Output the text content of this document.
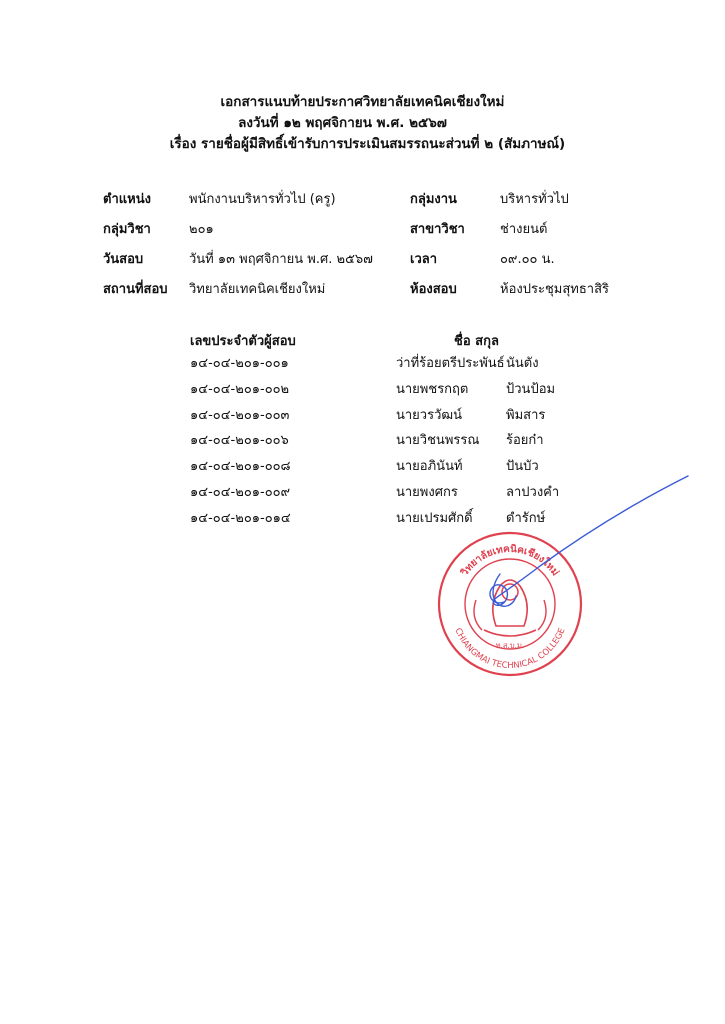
เอกสารแนบท้ายประกาศวิทยาลัยเทคนิคเชียงใหม่
ลงวันที่ ๑๒ พฤศจิกายน พ.ศ. ๒๕๖๗
เรื่อง รายชื่อผู้มีสิทธิ์เข้ารับการประเมินสมรรถนะส่วนที่ ๒ (สัมภาษณ์)
ตำแหน่ง	พนักงานบริหารทั่วไป (ครู)	กลุ่มงาน	บริหารทั่วไป
กลุ่มวิชา	๒๐๑	สาขาวิชา	ช่างยนต์
วันสอบ	วันที่ ๑๓ พฤศจิกายน พ.ศ. ๒๕๖๗	เวลา	๐๙.๐๐ น.
สถานที่สอบ วิทยาลัยเทคนิคเชียงใหม่	ห้องสอบ	ห้องประชุมสุทธาสิริ
เลขประจำตัวผู้สอบ	ชื่อ สกุล
๑๔-๐๔-๒๐๑-๐๐๑	ว่าที่ร้อยตรีประพันธ์ นันตัง
๑๔-๐๔-๒๐๑-๐๐๒	นายพชรกฤต	ป้วนป้อม
๑๔-๐๔-๒๐๑-๐๐๓	นายวรวัฒน์	พิมสาร
๑๔-๐๔-๒๐๑-๐๐๖	นายวิชนพรรณ ร้อยก๋า
๑๔-๐๔-๒๐๑-๐๐๘	นายอภินันท์	ปันบัว
๑๔-๐๔-๒๐๑-๐๐๙	นายพงศกร	ลาปวงคำ
๑๔-๐๔-๒๐๑-๐๑๔	นายเปรมศักดิ์	ดำรักษ์
วิทยาลัยเทคนิคเชียงใหม่
CHIANGMAI TECHNICAL COLLEGE
ท.ส.บ.ม.
